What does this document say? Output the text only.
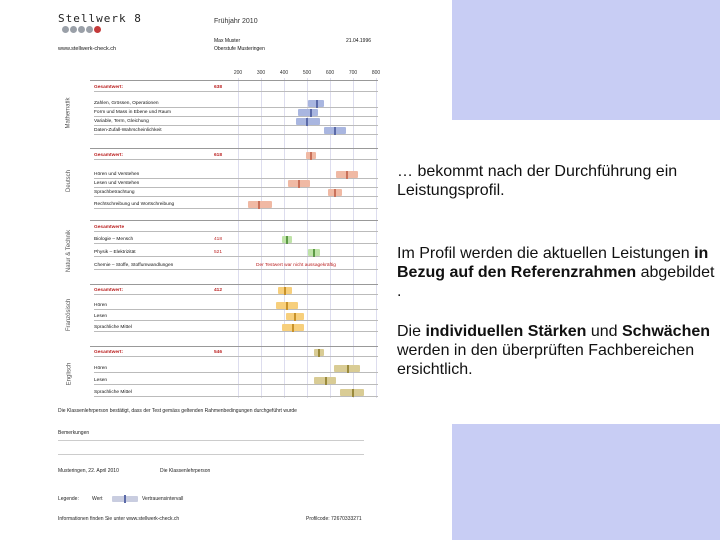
Stellwerk 8
www.stellwerk-check.ch
Frühjahr 2010
Max Muster
Oberstufe Musteringen
21.04.1996
200	300	400	500	600	700	800
Mathematik
Gesamtwert:	638
Zahlen, Grössen, Operationen
Form und Mass in Ebene und Raum
Variable, Term, Gleichung
Daten-Zufall-Wahrscheinlichkeit
Deutsch
Gesamtwert:	618
Hören und Verstehen
Lesen und Verstehen
Sprachbetrachtung
Rechtschreibung und Wortschreibung
Natur & Technik
Gesamtwerte
Biologie – Mensch	418
Physik – Elektrizität	521
Chemie – Stoffe, Stoffumwandlungen	Der Testwert war nicht aussagekräftig
Französisch
Gesamtwert:	412
Hören
Lesen
Sprachliche Mittel
Englisch
Gesamtwert:	546
Hören
Lesen
Sprachliche Mittel
Die Klassenlehrperson bestätigt, dass der Test gemäss geltenden Rahmenbedingungen durchgeführt wurde
Bemerkungen
Musteringen, 22. April 2010	Die Klassenlehrperson
Legende:	Wert	Vertrauensintervall
Informationen finden Sie unter www.stellwerk-check.ch	Profilcode: 72670333271

… bekommt nach der Durchführung ein Leistungsprofil.

Im Profil werden die aktuellen Leistungen in Bezug auf den Referenzrahmen abgebildet .
Die individuellen Stärken und Schwächen werden in den überprüften Fachbereichen ersichtlich.
